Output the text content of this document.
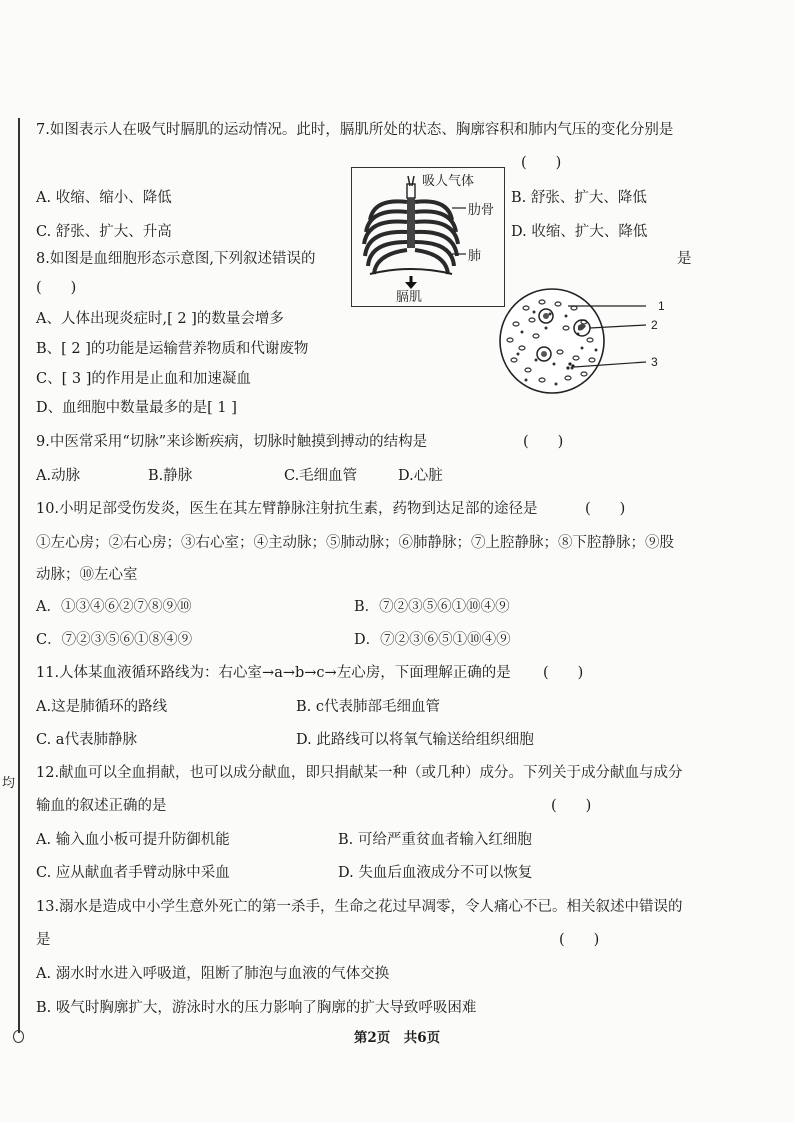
均
7.如图表示人在吸气时膈肌的运动情况。此时，膈肌所处的状态、胸廓容积和肺内气压的变化分别是
(　　)
A. 收缩、缩小、降低	B. 舒张、扩大、降低
C. 舒张、扩大、升高	D. 收缩、扩大、降低
吸人气体
肋骨
肺
膈肌
8.如图是血细胞形态示意图,下列叙述错误的	是
(　　)
A、人体出现炎症时,[ 2 ]的数量会增多
B、[ 2 ]的功能是运输营养物质和代谢废物
C、[ 3 ]的作用是止血和加速凝血
D、血细胞中数量最多的是[ 1 ]
1
2
3
9.中医常采用“切脉”来诊断疾病，切脉时触摸到搏动的结构是	(　　)
A.动脉	B.静脉	C.毛细血管	D.心脏
10.小明足部受伤发炎，医生在其左臂静脉注射抗生素，药物到达足部的途径是	(　　)
①左心房；②右心房；③右心室；④主动脉；⑤肺动脉；⑥肺静脉；⑦上腔静脉；⑧下腔静脉；⑨股
动脉；⑩左心室
A．①③④⑥②⑦⑧⑨⑩	B．⑦②③⑤⑥①⑩④⑨
C．⑦②③⑤⑥①⑧④⑨	D．⑦②③⑥⑤①⑩④⑨
11.人体某血液循环路线为：右心室→a→b→c→左心房，下面理解正确的是 (　　)
A.这是肺循环的路线	B. c代表肺部毛细血管
C. a代表肺静脉	D. 此路线可以将氧气输送给组织细胞
12.献血可以全血捐献，也可以成分献血，即只捐献某一种（或几种）成分。下列关于成分献血与成分
输血的叙述正确的是	(　　)
A. 输入血小板可提升防御机能	B. 可给严重贫血者输入红细胞
C. 应从献血者手臂动脉中采血	D. 失血后血液成分不可以恢复
13.溺水是造成中小学生意外死亡的第一杀手，生命之花过早凋零，令人痛心不已。相关叙述中错误的
是	(　　)
A. 溺水时水进入呼吸道，阻断了肺泡与血液的气体交换
B. 吸气时胸廓扩大，游泳时水的压力影响了胸廓的扩大导致呼吸困难
第2页　共6页
